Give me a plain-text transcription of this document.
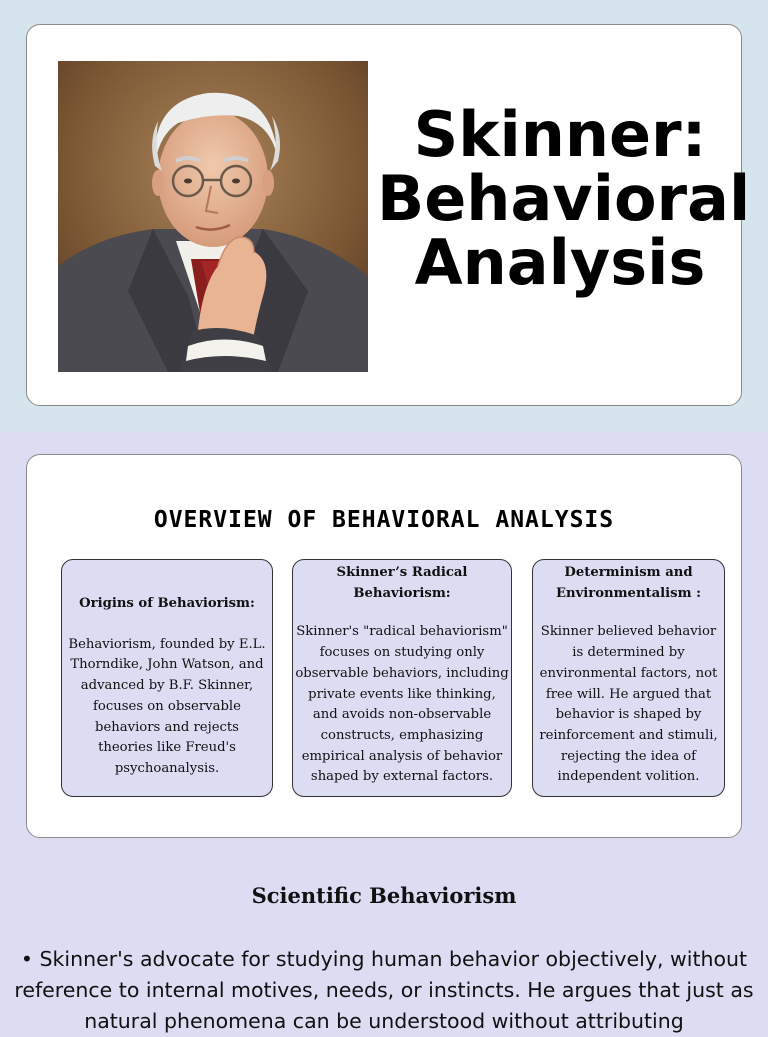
Skinner:
Behavioral
Analysis
OVERVIEW OF BEHAVIORAL ANALYSIS
Origins of Behaviorism:
Behaviorism, founded by E.L. Thorndike, John Watson, and advanced by B.F. Skinner, focuses on observable behaviors and rejects theories like Freud's psychoanalysis.
Skinner’s Radical Behaviorism:
Skinner's "radical behaviorism" focuses on studying only observable behaviors, including private events like thinking, and avoids non-observable constructs, emphasizing empirical analysis of behavior shaped by external factors.
Determinism and Environmentalism :
Skinner believed behavior is determined by environmental factors, not free will. He argued that behavior is shaped by reinforcement and stimuli, rejecting the idea of independent volition.
Scientific Behaviorism
• Skinner's advocate for studying human behavior objectively, without reference to internal motives, needs, or instincts. He argues that just as natural phenomena can be understood without attributing
